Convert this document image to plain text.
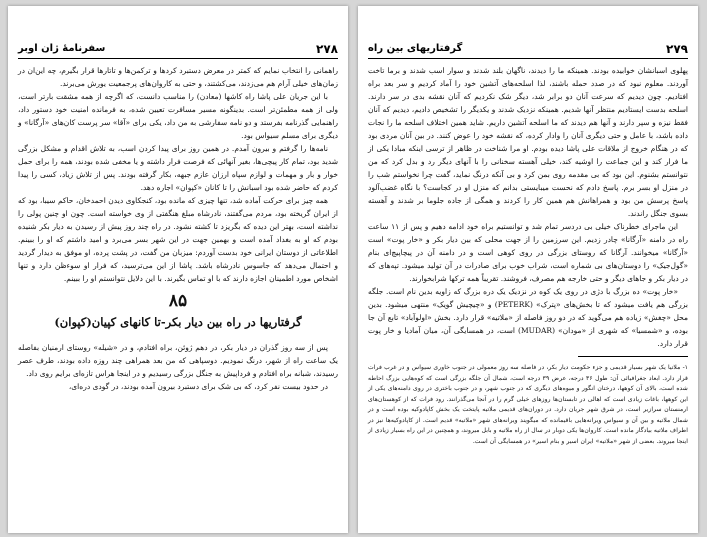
۲۷۸
سفرنامهٔ ژان اوبر

راهمانی را انتخاب نمایم که کمتر در معرض دستبرد کردها و ترکمن‌ها و تاتارها قرار بگیرم، چه این‌ان در زمان‌های خیلی آرام هم می‌زدند، می‌کشتند، و حتی به کاروان‌های پرجمعیت یورش می‌برند.

با این جریان علی پاشا راه کاشها (معادن) را مناسب دانست، که اگرچه از همه مشقت بارتر است، ولی از همه مطمئن‌تر است. بدینگونه مسیر مسافرت تعیین شده، به فرمانده امنیت خود دستور داد، راهنمایی گذرنامه بفرستد و دو نامه سفارشی به من داد، یکی برای «آقا» سر پرست کان‌های «آرگانا» و دیگری برای مسلم سیواس بود.

نامه‌ها را گرفتم و بیرون آمدم. در همین روز برای پیدا کردن اسب، به تلاش اقدام و مشکل بزرگی شدید بود، تمام کار پیچی‌ها، بغیر آنهائی که فرصت فرار داشته و یا مخفی شده بودند، همه را برای حمل خوار و بار و مهمات و لوازم سپاه ارزان عازم جبهه، بکار گرفته بودند. پس از تلاش زیاد، کسی را پیدا کردم که حاضر شده بود اسبانش را تا کانان «کپوان» اجاره دهد.

همه چیز برای حرکت آماده شد، تنها چیزی که مانده بود، کنجکاوی دیدن احمدخان، حاکم سیبا، بود که از ایران گریخته بود، مردم می‌گفتند، نادرشاه مبلغ هنگفتی از وی خواسته است. چون او چنین پولی را نداشته است، بهتر این دیده که بگریزد تا کشته نشود. در راه چند روز پیش از رسیدن به دیار بکر شنیده بودم که او به بغداد آمده است و بهمین جهت در این شهر بسر می‌برد و امید داشتم که او را ببینم. اطلاعاتی از دوستان ایرانی خود بدست آوردم: میزبان من گفت، در پشت پرده، او موفق به دیدار گردید و احتمال می‌دهد که جاسوس نادرشاه باشد. پاشا از این می‌ترسید، که فرار او سوء‌ظن دارد و تنها اشخاص مورد اطمینان اجازه دارند که با او تماس بگیرند. با این دلایل نتوانستم او را ببینم.

۸۵
گرفتاریها در راه بین دیار بکر-تا کانهای کپیان(کپوان)

پس از سه روز گذران در دیار بکر، در دهم ژوئن، براه افتادم، و در «شیله» روستای ارمنیان بفاصله یک ساعت راه از شهر، درنگ نمودیم. دوسپاهی که من بعد همراهی چند روزه داده بودند، طرف عصر رسیدند، شبانه براه افتادم و فرداپیش به جنگل بزرگی رسیدیم و در اینجا هراس تازه‌ای برایم روی داد.

در حدود بیست نفر کرد، که بی شک برای دستبرد بیرون آمده بودند، در گودی دره‌ای،

۲۷۹
گرفتاریهای بین راه

پهلوی اسبانشان خوابیده بودند. همینکه ما را دیدند، ناگهان بلند شدند و سوار اسب شدند و برما تاخت آوردند. معلوم نبود که در صدد حمله باشند، لذا اسلحه‌های آتشین خود را آماد کردیم و سر بعد براه افتادیم. چون دیدیم که سرعت آنان دو برابر شد، دیگر شک نکردیم که آنان نقشه بدی در سر دارند. اسلحه بدست ایستادیم منتظر آنها شدیم. همینکه نزدیک شدند و یکدیگر را تشخیص دادیم، دیدیم که آنان فقط نیزه و سپر دارند و آنها هم دیدند که ما اسلحه آتشین داریم. شاید همین اختلاف اسلحه ما را نجات داده باشد، با عامل و حتی دیگری آنان را وادار کرده، که نقشه خود را عوض کنند. در بین آنان مردی بود که در هنگام خروج از ملاقات علی پاشا دیده بودم. او مرا شناخت در ظاهر از ترسی اینکه مبادا یکی از ما فرار کند و این جماعت را اوشیه کند، خیلی آهسته سخنانی را با آنهای دیگر رد و بدل کرد که من نتوانستم بشنوم. این بود که بی مقدمه روی بمن کرد و بی آنکه درنگ نماید، گفت چرا نخواستم شب را در منزل او بسر برم. پاسخ دادم که نحست میبایستی بدانم که منزل او در کجاست؟ با نگاه غضب‌آلود پاسخ پرسش من بود و همراهانش هم همین کار را کردند و همگی از جاده جلوما بر شدند و آهسته بسوی جنگل راندند.

این ماجرای خطرناک خیلی بی دردسر تمام شد و توانستیم براه خود ادامه دهیم و پس از ۱۱ ساعت راه در دامنه «آرگانا» چادر زدیم. این سرزمین را از جهت محلی که بین دیار بکر و «خار پوت» است «آرگانا» میخوانند. آرگانا که روستای بزرگی در روی کوهی است و در دامنه آن در پیچاپیچ‌ای بنام «گول‌جیک» را دوستان‌های بی شماره است، شراب خوب برای صادرات در آن تولید میشود. تپه‌های که در دیار بکر و جاهای دیگر و حتی خارجه هم مصرف، فروشند. تقریباً همه ترکها شرابخوارند.

«خار پوت» ده بزرگ با دژی در روی یک کوه در نزدیک یک دره بزرگ که زاویه بدین نام است. جلگه بزرگی هم یافت میشود که تا بخش‌های «پترک» (PETERK) و «چیچیش گویک» منتهی میشود. بدین محل «چغش» زیاده هم می‌گوید که در دو روز فاصله از «ملاتیه» قرار دارد. بخش «اولوآباد» تابع آن جا بوده، و «شمسیا» که شهری از «مودان» (MUDAR) است، در همسایگی آن، میان آمادیا و خار پوت قرار دارد.

۱- ملاتیا یک شهر بسیار قدیمی و جزء حکومت دیار بکر، در فاصله سه روز معمولی در جنوب خاوری سیواس و در غرب فرات قرار دارد. ابعاد جغرافیائی آن: طول ۳۶ درجه، عرض ۳۹ درجه است، شمال آن جلگه بزرگی است که کوه‌هایی بزرگ احاطه شده است، بالای آن کوهها، درختان انگور و میوه‌های دیگری که در جنوب شهر، و در جنوب باختری در روی دامنه‌های یکی از این کوهها، باغات زیادی است که اهالی در تابستان‌ها روزهای خیلی گرم را در آنجا می‌گذرانند. رود فرات که از کوهستان‌های ارمنستان سرازیر است، در شرق شهر جریان دارد. در دوران‌های قدیمی ملاتیه پایتخت یک بخش کاپادوکیه بوده است و در شمال ملاتیه و بین آن و سیواس ویرانه‌هایی باقیمانده که میگویند ویرانه‌های شهر «ملاتیه» قدیم است. از کاپادوکیه‌ها نیز در اطراف ملاتیه بیادگار مانده است. کاروان‌ها یکی دوبار در سال از راه ملاتیه و بابل میروند، و همچنین در این راه بسیار زیادی از اینجا میروند. بعضی از شهر «ملاتیه» ایران اسیر و بنام اسیر» در همسایگی آن است.
